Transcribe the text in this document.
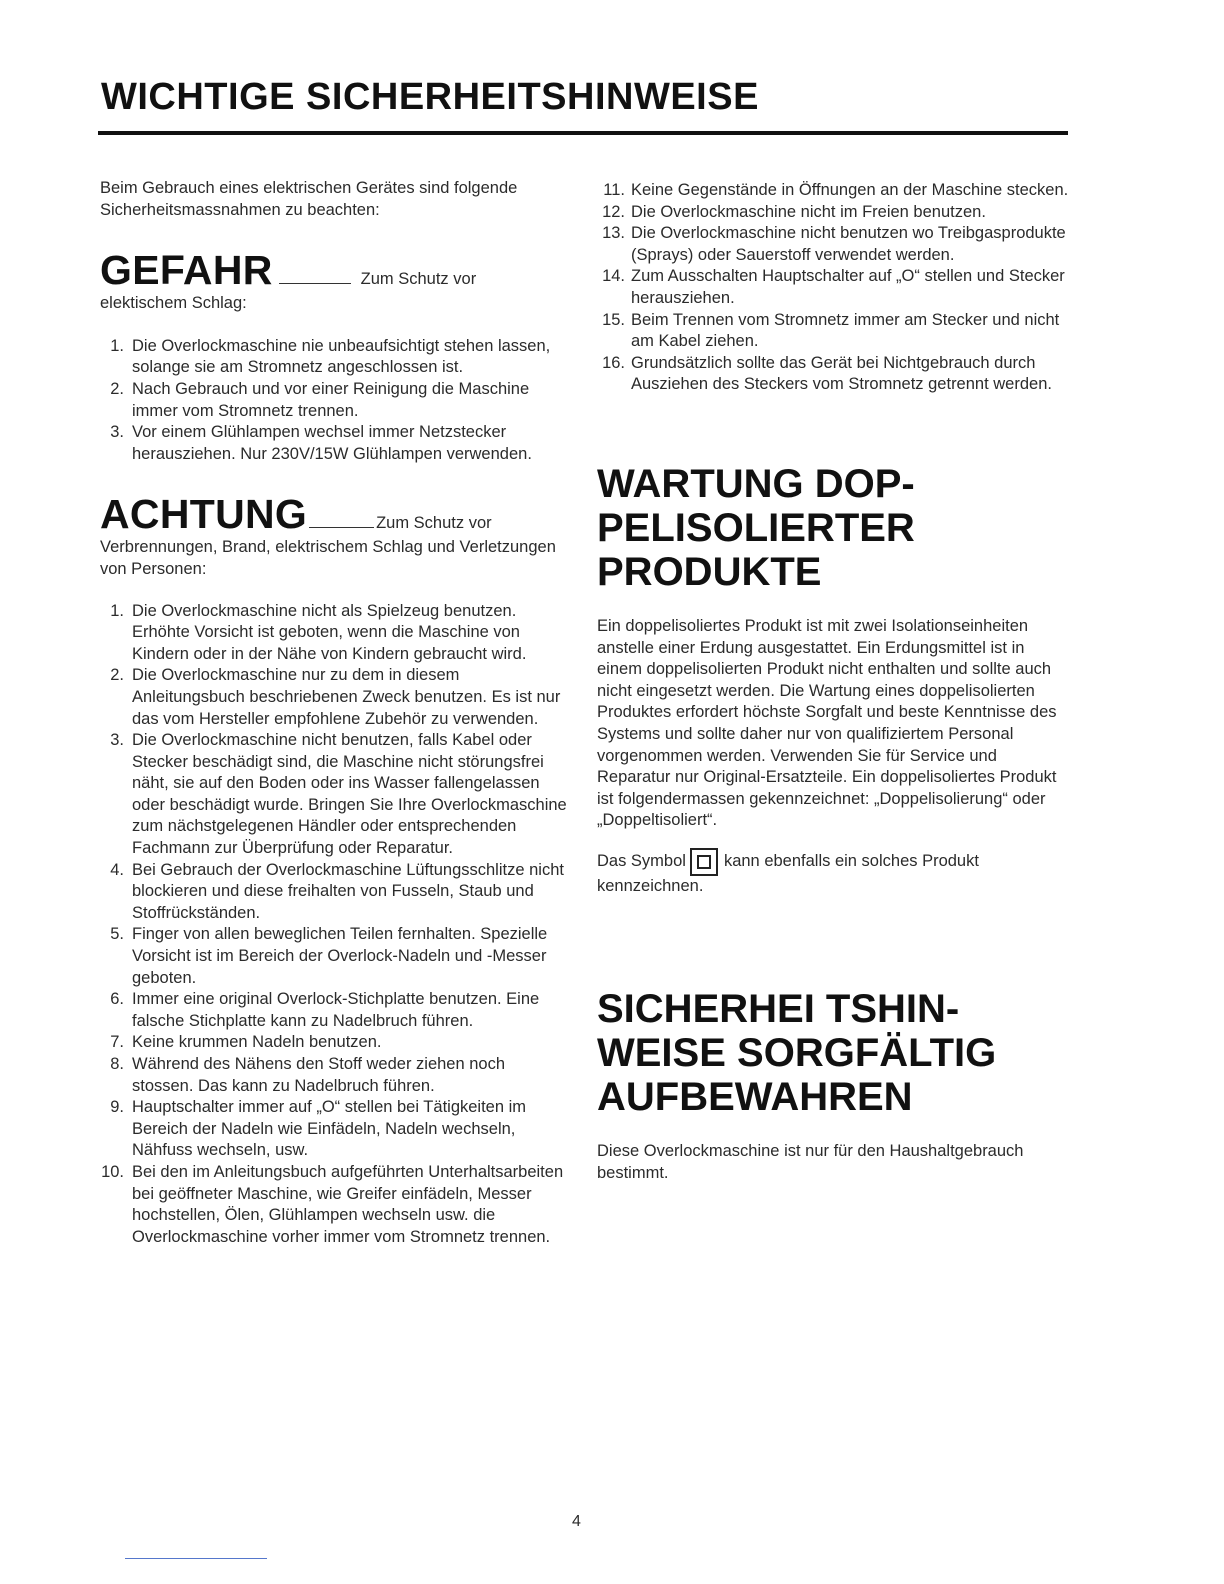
WICHTIGE SICHERHEITSHINWEISE

Beim Gebrauch eines elektrischen Gerätes sind folgende Sicherheitsmassnahmen zu beachten:

GEFAHR	Zum Schutz vor

elektischem Schlag:

1. Die Overlockmaschine nie unbeaufsichtigt stehen lassen, solange sie am Stromnetz angeschlossen ist.
2. Nach Gebrauch und vor einer Reinigung die Maschine immer vom Stromnetz trennen.
3. Vor einem Glühlampen wechsel immer Netzstecker herausziehen. Nur 230V/15W Glühlampen verwenden.
ACHTUNG	Zum Schutz vor

Verbrennungen, Brand, elektrischem Schlag und Verletzungen von Personen:

1. Die Overlockmaschine nicht als Spielzeug benutzen. Erhöhte Vorsicht ist geboten, wenn die Maschine von Kindern oder in der Nähe von Kindern gebraucht wird.
2. Die Overlockmaschine nur zu dem in diesem Anleitungsbuch beschriebenen Zweck benutzen. Es ist nur das vom Hersteller empfohlene Zubehör zu verwenden.
3. Die Overlockmaschine nicht benutzen, falls Kabel oder Stecker beschädigt sind, die Maschine nicht störungsfrei näht, sie auf den Boden oder ins Wasser fallengelassen oder beschädigt wurde. Bringen Sie Ihre Overlockmaschine zum nächstgelegenen Händler oder entsprechenden Fachmann zur Überprüfung oder Reparatur.
4. Bei Gebrauch der Overlockmaschine Lüftungsschlitze nicht blockieren und diese freihalten von Fusseln, Staub und Stoffrückständen.
5. Finger von allen beweglichen Teilen fernhalten. Spezielle Vorsicht ist im Bereich der Overlock-Nadeln und -Messer geboten.
6. Immer eine original Overlock-Stichplatte benutzen. Eine falsche Stichplatte kann zu Nadelbruch führen.
7. Keine krummen Nadeln benutzen.
8. Während des Nähens den Stoff weder ziehen noch stossen. Das kann zu Nadelbruch führen.
9. Hauptschalter immer auf „O“ stellen bei Tätigkeiten im Bereich der Nadeln wie Einfädeln, Nadeln wechseln, Nähfuss wechseln, usw.
10. Bei den im Anleitungsbuch aufgeführten Unterhaltsarbeiten bei geöffneter Maschine, wie Greifer einfädeln, Messer hochstellen, Ölen, Glühlampen wechseln usw. die Overlockmaschine vorher immer vom Stromnetz trennen.
11. Keine Gegenstände in Öffnungen an der Maschine stecken.
12. Die Overlockmaschine nicht im Freien benutzen.
13. Die Overlockmaschine nicht benutzen wo Treibgasprodukte (Sprays) oder Sauerstoff verwendet werden.
14. Zum Ausschalten Hauptschalter auf „O“ stellen und Stecker herausziehen.
15. Beim Trennen vom Stromnetz immer am Stecker und nicht am Kabel ziehen.
16. Grundsätzlich sollte das Gerät bei Nichtgebrauch durch Ausziehen des Steckers vom Stromnetz getrennt werden.
WARTUNG DOP-
PELISOLIERTER
PRODUKTE

Ein doppelisoliertes Produkt ist mit zwei Isolationseinheiten anstelle einer Erdung ausgestattet. Ein Erdungsmittel ist in einem doppelisolierten Produkt nicht enthalten und sollte auch nicht eingesetzt werden. Die Wartung eines doppelisolierten Produktes erfordert höchste Sorgfalt und beste Kenntnisse des Systems und sollte daher nur von qualifiziertem Personal vorgenommen werden. Verwenden Sie für Service und Reparatur nur Original-Ersatzteile. Ein doppelisoliertes Produkt ist folgendermassen gekennzeichnet: „Doppelisolierung“ oder „Doppeltisoliert“.

Das Symbol kann ebenfalls ein solches Produkt

kennzeichnen.

SICHERHEI TSHIN-
WEISE SORGFÄLTIG
AUFBEWAHREN

Diese Overlockmaschine ist nur für den Haushaltgebrauch bestimmt.

4
